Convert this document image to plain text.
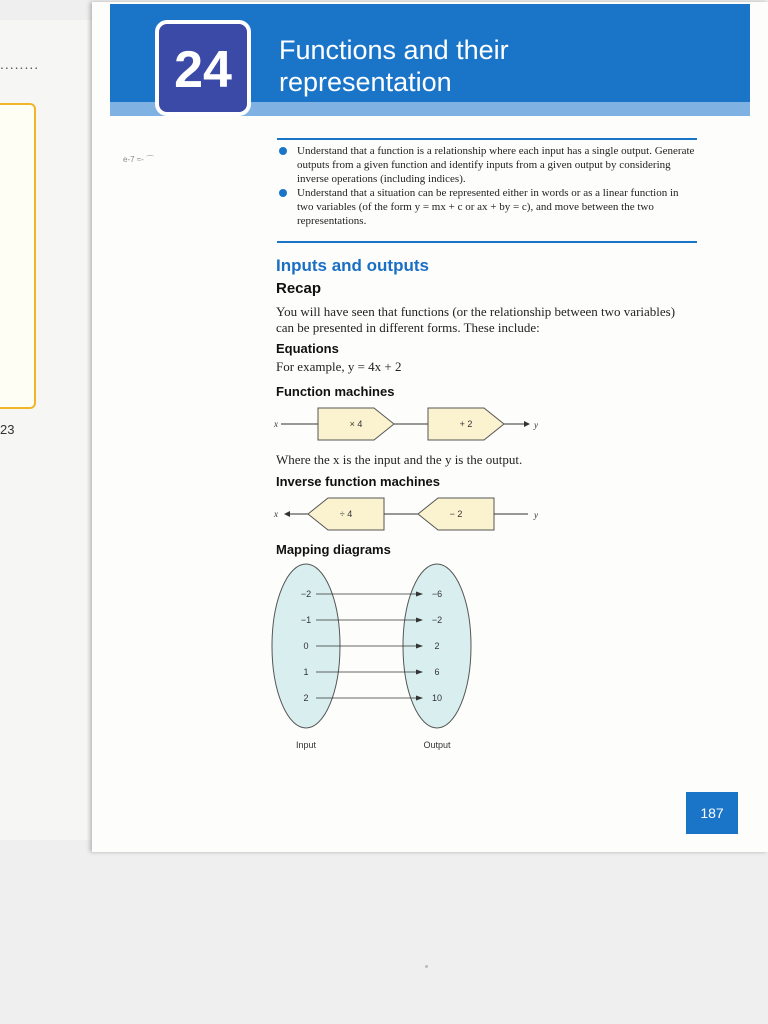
........
23
24	Functions and their
representation
e-7 ≈- ⌒
Understand that a function is a relationship where each input has a single output. Generate outputs from a given function and identify inputs from a given output by considering inverse operations (including indices).
Understand that a situation can be represented either in words or as a linear function in two variables (of the form y = mx + c or ax + by = c), and move between the two representations.
Inputs and outputs
Recap
You will have seen that functions (or the relationship between two variables) can be presented in different forms. These include:
Equations
For example, y = 4x + 2
Function machines
x	× 4	+ 2	y
Where the x is the input and the y is the output.
Inverse function machines
x	÷ 4	− 2	y
Mapping diagrams
−2	−6
−1	−2
0	2
1	6
2	10
Input	Output
187
